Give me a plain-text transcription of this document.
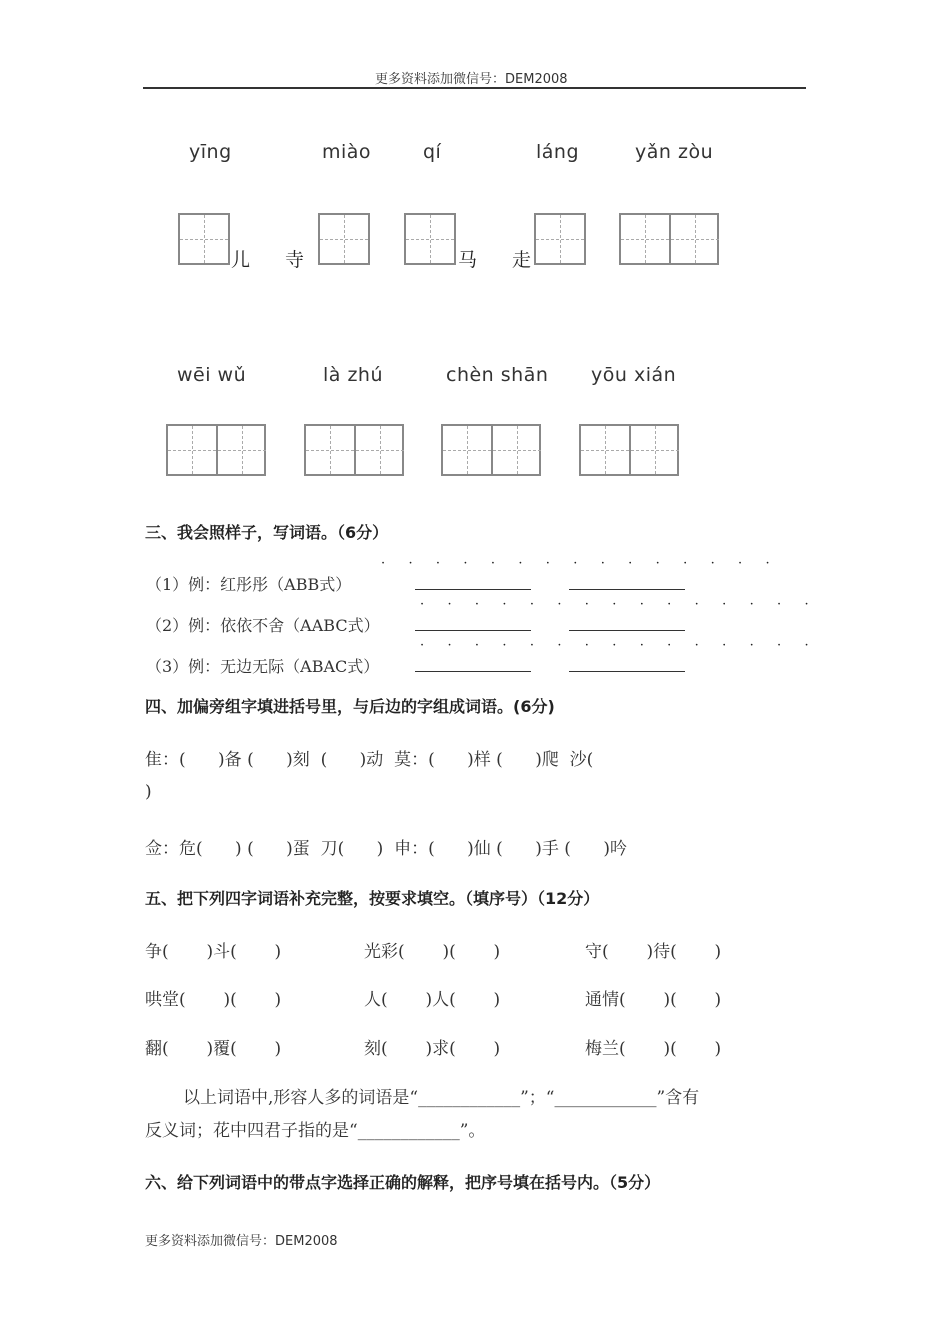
更多资料添加微信号：DEM2008
yīng	miào	qí	láng	yǎn zòu
儿 寺	马 走
wēi wǔ	là zhú	chèn shān yōu xián
三、我会照样子，写词语。（6分）
· · · · · · · · · · · · · · ·
（1）例：红彤彤（ABB式）
· · · · · · · · · · · · · · ·
（2）例：依依不舍（AABC式）
· · · · · · · · · · · · · · ·
（3）例：无边无际（ABAC式）
四、加偏旁组字填进括号里，与后边的字组成词语。(6分)
隹：(      )备 (      )刻  (      )动  莫：(      )样 (      )爬  沙(
)
佥：危(      ) (      )蛋  刀(      )  申：(      )仙 (      )手 (      )吟
五、把下列四字词语补充完整，按要求填空。（填序号）（12分）
争(       )斗(       )	光彩(       )(       )	守(       )待(       )
哄堂(       )(       )	人(       )人(       )	通情(       )(       )
翻(       )覆(       )	刻(       )求(       )	梅兰(       )(       )
以上词语中,形容人多的词语是“____________”；“____________”含有
反义词；花中四君子指的是“____________”。
六、给下列词语中的带点字选择正确的解释，把序号填在括号内。（5分）
更多资料添加微信号：DEM2008
